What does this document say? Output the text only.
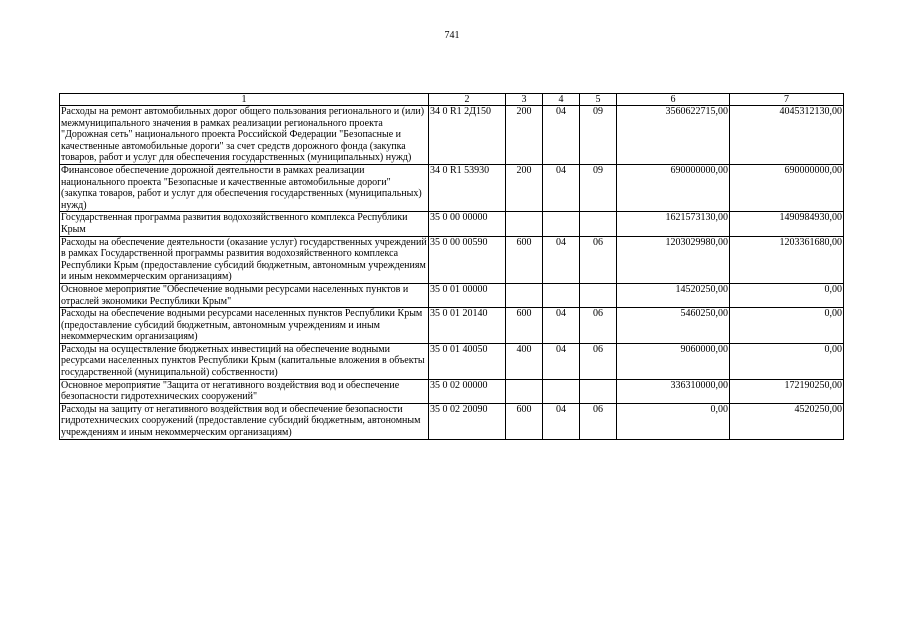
741
1	2	3	4	5	6	7
Расходы на ремонт автомобильных дорог общего пользования регионального и (или) межмуниципального значения в рамках реализации регионального проекта "Дорожная сеть" национального проекта Российской Федерации "Безопасные и качественные автомобильные дороги" за счет средств дорожного фонда (закупка товаров, работ и услуг для обеспечения государственных (муниципальных) нужд)	34 0 R1 2Д150	200	04	09	3560622715,00	4045312130,00
Финансовое обеспечение дорожной деятельности в рамках реализации национального проекта "Безопасные и качественные автомобильные дороги" (закупка товаров, работ и услуг для обеспечения государственных (муниципальных) нужд)	34 0 R1 53930	200	04	09	690000000,00	690000000,00
Государственная программа развития водохозяйственного комплекса Республики Крым	35 0 00 00000				1621573130,00	1490984930,00
Расходы на обеспечение деятельности (оказание услуг) государственных учреждений в рамках Государственной программы развития водохозяйственного комплекса Республики Крым (предоставление субсидий бюджетным, автономным учреждениям и иным некоммерческим организациям)	35 0 00 00590	600	04	06	1203029980,00	1203361680,00
Основное мероприятие "Обеспечение водными ресурсами населенных пунктов и отраслей экономики Республики Крым"	35 0 01 00000				14520250,00	0,00
Расходы на обеспечение водными ресурсами населенных пунктов Республики Крым (предоставление субсидий бюджетным, автономным учреждениям и иным некоммерческим организациям)	35 0 01 20140	600	04	06	5460250,00	0,00
Расходы на осуществление бюджетных инвестиций на обеспечение водными ресурсами населенных пунктов Республики Крым (капитальные вложения в объекты государственной (муниципальной) собственности)	35 0 01 40050	400	04	06	9060000,00	0,00
Основное мероприятие "Защита от негативного воздействия вод и обеспечение безопасности гидротехнических сооружений"	35 0 02 00000				336310000,00	172190250,00
Расходы на защиту от негативного воздействия вод и обеспечение безопасности гидротехнических сооружений (предоставление субсидий бюджетным, автономным учреждениям и иным некоммерческим организациям)	35 0 02 20090	600	04	06	0,00	4520250,00
